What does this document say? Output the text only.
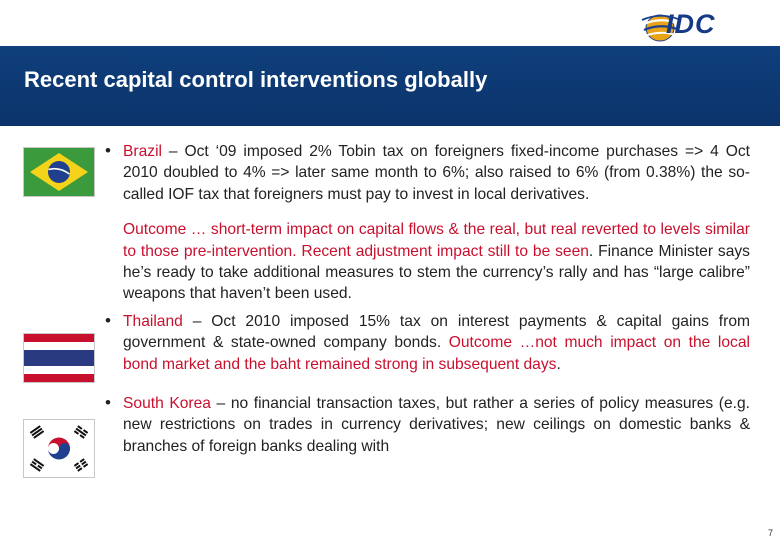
IDC
Recent capital control interventions globally

• Brazil – Oct ‘09 imposed 2% Tobin tax on foreigners fixed-income purchases => 4 Oct 2010 doubled to 4% => later same month to 6%; also raised to 6% (from 0.38%) the so-called IOF tax that foreigners must pay to invest in local derivatives.

Outcome … short-term impact on capital flows & the real, but real reverted to levels similar to those pre-intervention. Recent adjustment impact still to be seen. Finance Minister says he’s ready to take additional measures to stem the currency’s rally and has “large calibre” weapons that haven’t been used.

• Thailand – Oct 2010 imposed 15% tax on interest payments & capital gains from government & state-owned company bonds. Outcome …not much impact on the local bond market and the baht remained strong in subsequent days.

• South Korea – no financial transaction taxes, but rather a series of policy measures (e.g. new restrictions on trades in currency derivatives; new ceilings on domestic banks & branches of foreign banks dealing with

7
